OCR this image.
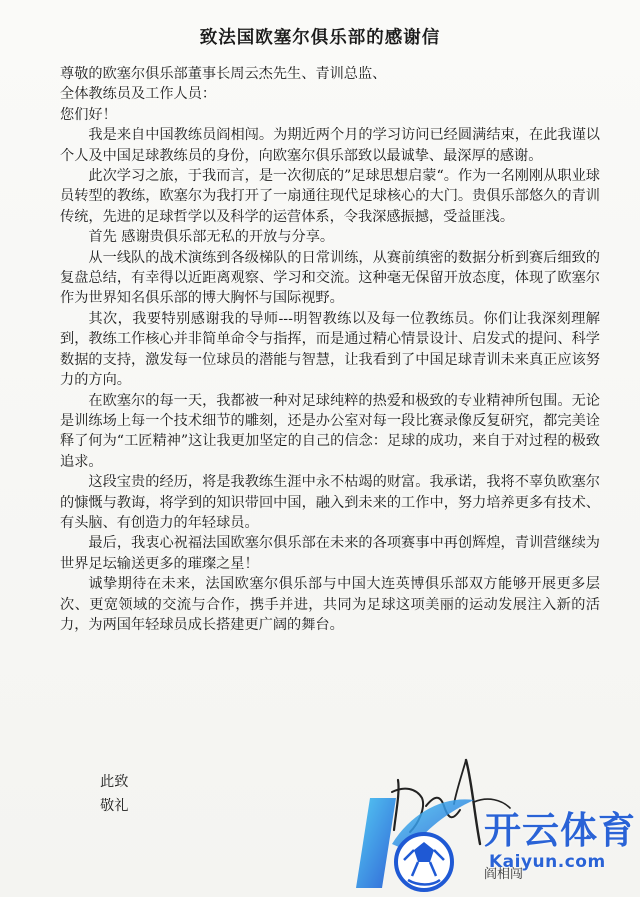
致法国欧塞尔俱乐部的感谢信

尊敬的欧塞尔俱乐部董事长周云杰先生、青训总监、

全体教练员及工作人员：

您们好！

我是来自中国教练员阎相闯。为期近两个月的学习访问已经圆满结束，在此我谨以个人及中国足球教练员的身份，向欧塞尔俱乐部致以最诚挚、最深厚的感谢。

此次学习之旅，于我而言，是一次彻底的”足球思想启蒙“。作为一名刚刚从职业球员转型的教练，欧塞尔为我打开了一扇通往现代足球核心的大门。贵俱乐部悠久的青训传统，先进的足球哲学以及科学的运营体系，令我深感振撼，受益匪浅。

首先 感谢贵俱乐部无私的开放与分享。

从一线队的战术演练到各级梯队的日常训练，从赛前缜密的数据分析到赛后细致的复盘总结，有幸得以近距离观察、学习和交流。这种毫无保留开放态度，体现了欧塞尔作为世界知名俱乐部的博大胸怀与国际视野。

其次，我要特别感谢我的导师---明智教练以及每一位教练员。你们让我深刻理解到，教练工作核心并非简单命令与指挥，而是通过精心情景设计、启发式的提问、科学数据的支持，激发每一位球员的潜能与智慧，让我看到了中国足球青训未来真正应该努力的方向。

在欧塞尔的每一天，我都被一种对足球纯粹的热爱和极致的专业精神所包围。无论是训练场上每一个技术细节的雕刻，还是办公室对每一段比赛录像反复研究，都完美诠释了何为“工匠精神”这让我更加坚定的自己的信念：足球的成功，来自于对过程的极致追求。

这段宝贵的经历，将是我教练生涯中永不枯竭的财富。我承诺，我将不辜负欧塞尔的慷慨与教诲，将学到的知识带回中国，融入到未来的工作中，努力培养更多有技术、有头脑、有创造力的年轻球员。

最后，我衷心祝福法国欧塞尔俱乐部在未来的各项赛事中再创辉煌，青训营继续为世界足坛输送更多的璀璨之星！

诚挚期待在未来，法国欧塞尔俱乐部与中国大连英博俱乐部双方能够开展更多层次、更宽领域的交流与合作，携手并进，共同为足球这项美丽的运动发展注入新的活力，为两国年轻球员成长搭建更广阔的舞台。

此致

敬礼

阎相闯
开云体育
Kaiyun.com
